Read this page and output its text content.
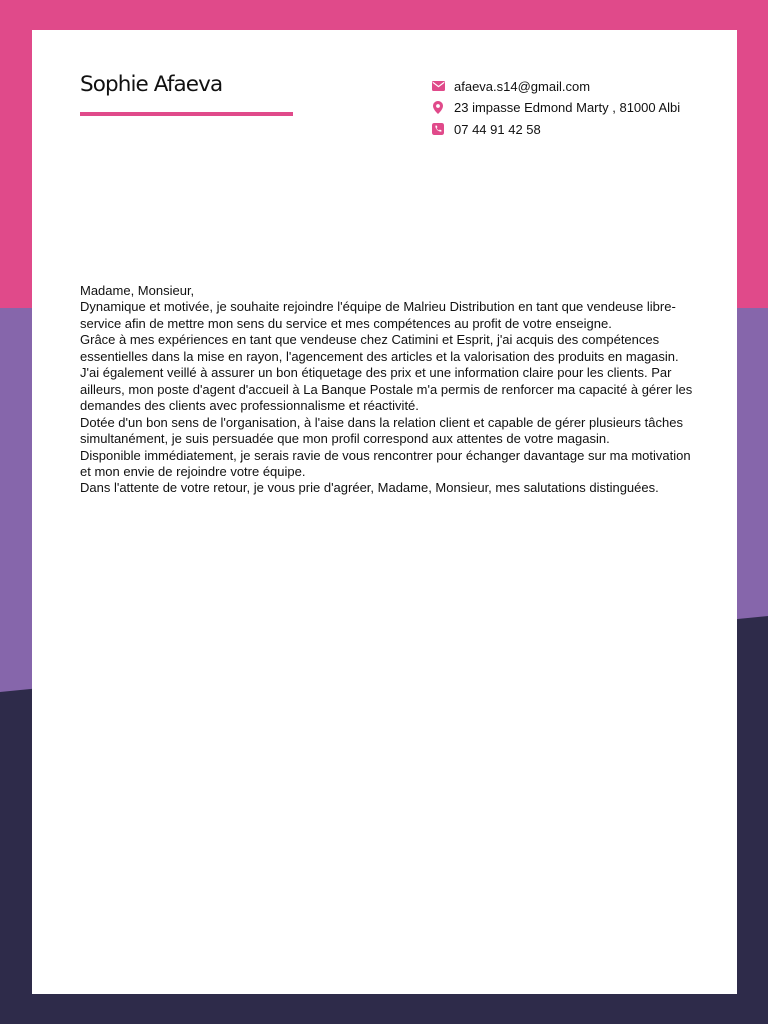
Sophie Afaeva	afaeva.s14@gmail.com
23 impasse Edmond Marty , 81000 Albi
07 44 91 42 58

Madame, Monsieur,

Dynamique et motivée, je souhaite rejoindre l'équipe de Malrieu Distribution en tant que vendeuse libre-service afin de mettre mon sens du service et mes compétences au profit de votre enseigne.

Grâce à mes expériences en tant que vendeuse chez Catimini et Esprit, j'ai acquis des compétences essentielles dans la mise en rayon, l'agencement des articles et la valorisation des produits en magasin.

J'ai également veillé à assurer un bon étiquetage des prix et une information claire pour les clients. Par ailleurs, mon poste d'agent d'accueil à La Banque Postale m'a permis de renforcer ma capacité à gérer les demandes des clients avec professionnalisme et réactivité.

Dotée d'un bon sens de l'organisation, à l'aise dans la relation client et capable de gérer plusieurs tâches simultanément, je suis persuadée que mon profil correspond aux attentes de votre magasin.

Disponible immédiatement, je serais ravie de vous rencontrer pour échanger davantage sur ma motivation et mon envie de rejoindre votre équipe.

Dans l'attente de votre retour, je vous prie d'agréer, Madame, Monsieur, mes salutations distinguées.
